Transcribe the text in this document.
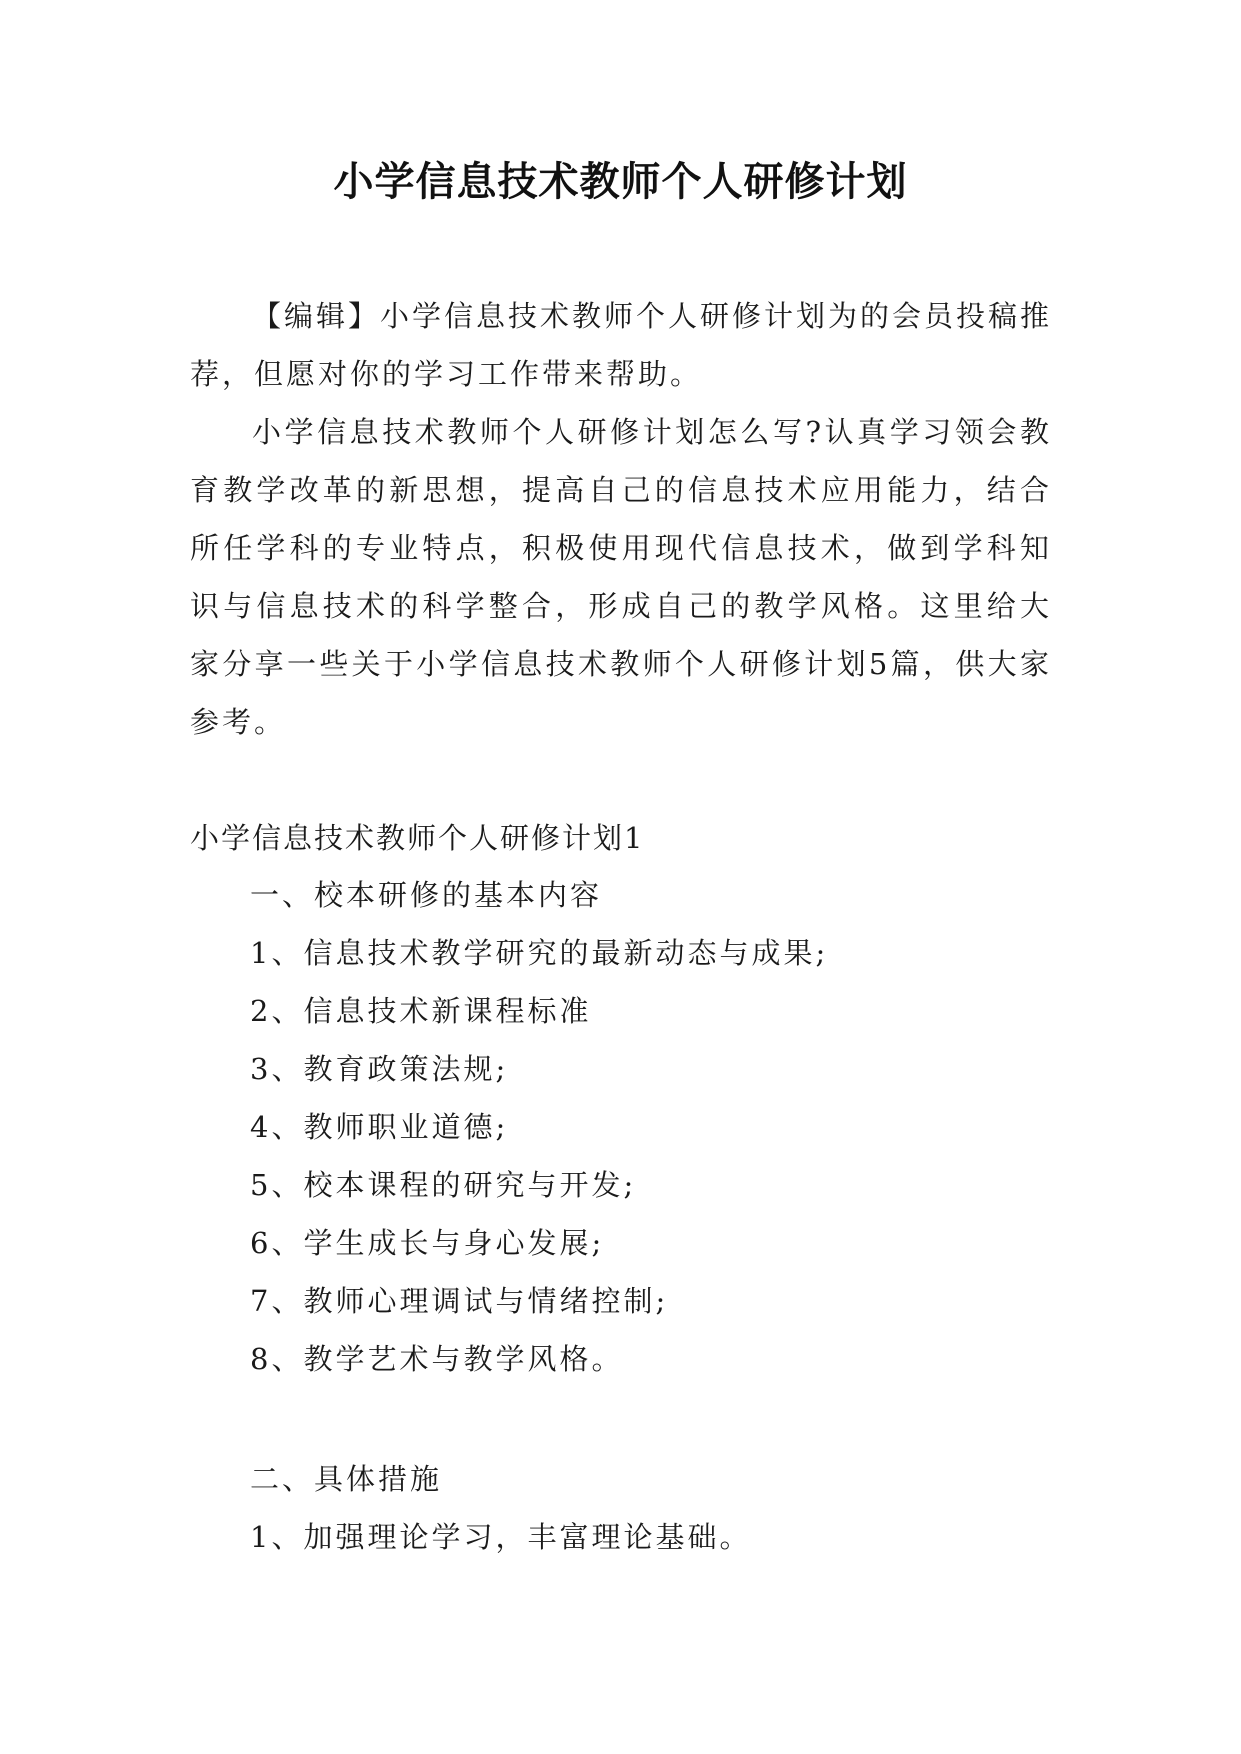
小学信息技术教师个人研修计划

【编辑】小学信息技术教师个人研修计划为的会员投稿推荐，但愿对你的学习工作带来帮助。

小学信息技术教师个人研修计划怎么写?认真学习领会教育教学改革的新思想，提高自己的信息技术应用能力，结合所任学科的专业特点，积极使用现代信息技术，做到学科知识与信息技术的科学整合，形成自己的教学风格。这里给大家分享一些关于小学信息技术教师个人研修计划5篇，供大家参考。

小学信息技术教师个人研修计划1
一、校本研修的基本内容
1、信息技术教学研究的最新动态与成果;
2、信息技术新课程标准
3、教育政策法规;
4、教师职业道德;
5、校本课程的研究与开发;
6、学生成长与身心发展;
7、教师心理调试与情绪控制;
8、教学艺术与教学风格。
二、具体措施
1、加强理论学习，丰富理论基础。
